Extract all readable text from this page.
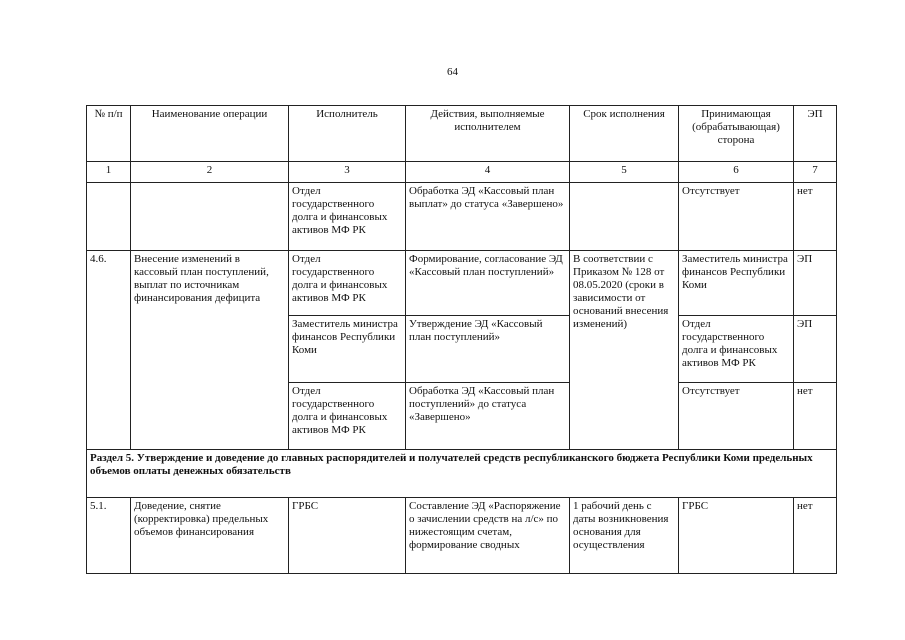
64
№ п/п	Наименование операции	Исполнитель	Действия, выполняемые исполнителем	Срок исполнения	Принимающая (обрабатывающая) сторона	ЭП
1	2	3	4	5	6	7
		Отдел государственного долга и финансовых активов МФ РК	Обработка ЭД «Кассовый план выплат» до статуса «Завершено»		Отсутствует	нет
4.6.	Внесение изменений в кассовый план поступлений, выплат по источникам финансирования дефицита	Отдел государственного долга и финансовых активов МФ РК	Формирование, согласование ЭД «Кассовый план поступлений»	В соответствии с Приказом № 128 от 08.05.2020 (сроки в зависимости от оснований внесения изменений)	Заместитель министра финансов Республики Коми	ЭП
		Заместитель министра финансов Республики Коми	Утверждение ЭД «Кассовый план поступлений»		Отдел государственного долга и финансовых активов МФ РК	ЭП
		Отдел государственного долга и финансовых активов МФ РК	Обработка ЭД «Кассовый план поступлений» до статуса «Завершено»		Отсутствует	нет
Раздел 5. Утверждение и доведение до главных распорядителей и получателей средств республиканского бюджета Республики Коми предельных объемов оплаты денежных обязательств						
5.1.	Доведение, снятие (корректировка) предельных объемов финансирования	ГРБС	Составление ЭД «Распоряжение о зачислении средств на л/с» по нижестоящим счетам, формирование сводных	1 рабочий день с даты возникновения основания для осуществления	ГРБС	нет
